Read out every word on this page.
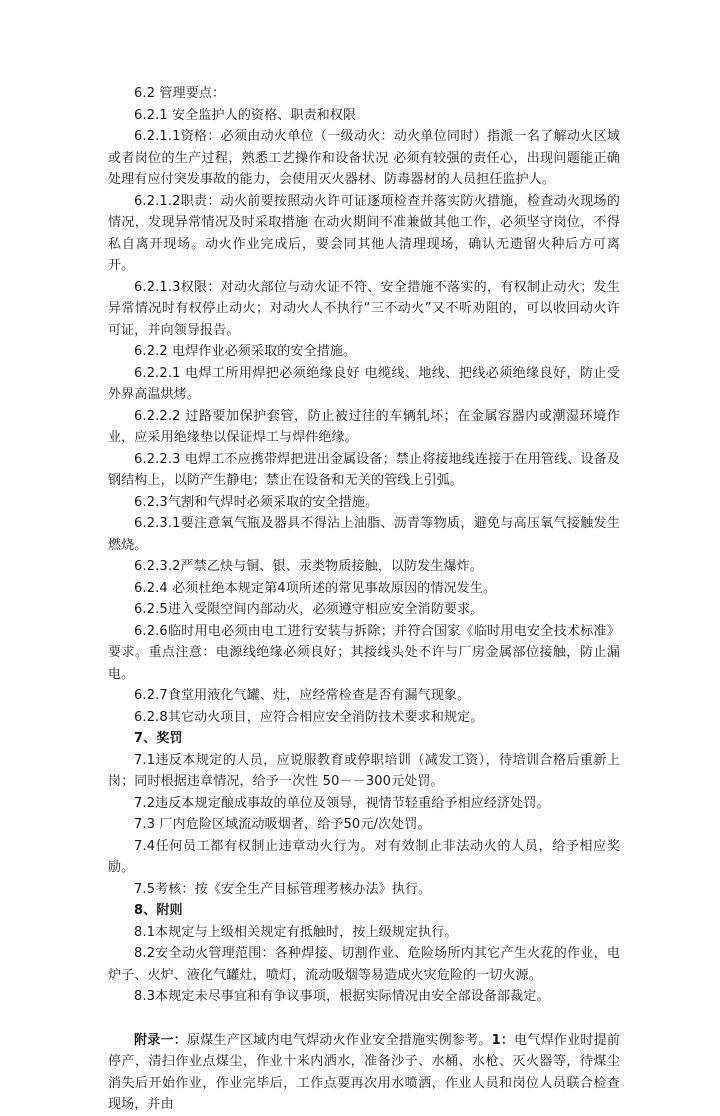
6.2 管理要点：

6.2.1 安全监护人的资格、职责和权限

6.2.1.1资格：必须由动火单位（一级动火：动火单位同时）指派一名了解动火区域或者岗位的生产过程，熟悉工艺操作和设备状况 必须有较强的责任心，出现问题能正确处理有应付突发事故的能力，会使用灭火器材、防毒器材的人员担任监护人。

6.2.1.2职责：动火前要按照动火许可证逐项检查并落实防火措施，检查动火现场的情况，发现异常情况及时采取措施 在动火期间不准兼做其他工作，必须坚守岗位，不得私自离开现场。动火作业完成后，要会同其他人清理现场，确认无遗留火种后方可离开。

6.2.1.3权限：对动火部位与动火证不符、安全措施不落实的，有权制止动火；发生异常情况时有权停止动火；对动火人不执行“三不动火”又不听劝阻的，可以收回动火许可证，并向领导报告。

6.2.2 电焊作业必须采取的安全措施。

6.2.2.1 电焊工所用焊把必须绝缘良好 电缆线、地线、把线必须绝缘良好，防止受外界高温烘烤。

6.2.2.2 过路要加保护套管，防止被过往的车辆轧坏；在金属容器内或潮湿环境作业，应采用绝缘垫以保证焊工与焊件绝缘。

6.2.2.3 电焊工不应携带焊把进出金属设备；禁止将接地线连接于在用管线、设备及钢结构上，以防产生静电；禁止在设备和无关的管线上引弧。

6.2.3气割和气焊时必须采取的安全措施。

6.2.3.1要注意氧气瓶及器具不得沾上油脂、沥青等物质，避免与高压氧气接触发生燃烧。

6.2.3.2严禁乙炔与铜、银、汞类物质接触，以防发生爆炸。

6.2.4 必须杜绝本规定第4项所述的常见事故原因的情况发生。

6.2.5进入受限空间内部动火，必须遵守相应安全消防要求。

6.2.6临时用电必须由电工进行安装与拆除；并符合国家《临时用电安全技术标准》要求。重点注意：电源线绝缘必须良好；其接线头处不许与厂房金属部位接触，防止漏电。

6.2.7食堂用液化气罐、灶，应经常检查是否有漏气现象。

6.2.8其它动火项目，应符合相应安全消防技术要求和规定。

7、奖罚

7.1违反本规定的人员，应说服教育或停职培训（减发工资），待培训合格后重新上岗；同时根据违章情况，给予一次性 50－－300元处罚。

7.2违反本规定酿成事故的单位及领导，视情节轻重给予相应经济处罚。

7.3 厂内危险区域流动吸烟者，给予50元/次处罚。

7.4任何员工都有权制止违章动火行为。对有效制止非法动火的人员，给予相应奖励。

7.5考核：按《安全生产目标管理考核办法》执行。

8、附则

8.1本规定与上级相关规定有抵触时，按上级规定执行。

8.2安全动火管理范围：各种焊接、切割作业、危险场所内其它产生火花的作业，电炉子、火炉、液化气罐灶，喷灯，流动吸烟等易造成火灾危险的一切火源。

8.3本规定未尽事宜和有争议事项，根据实际情况由安全部设备部裁定。

附录一：原煤生产区域内电气焊动火作业安全措施实例参考。1：电气焊作业时提前停产，清扫作业点煤尘，作业十米内洒水，准备沙子、水桶、水枪、灭火器等，待煤尘消失后开始作业，作业完毕后，工作点要再次用水喷洒，作业人员和岗位人员联合检查现场，并由
